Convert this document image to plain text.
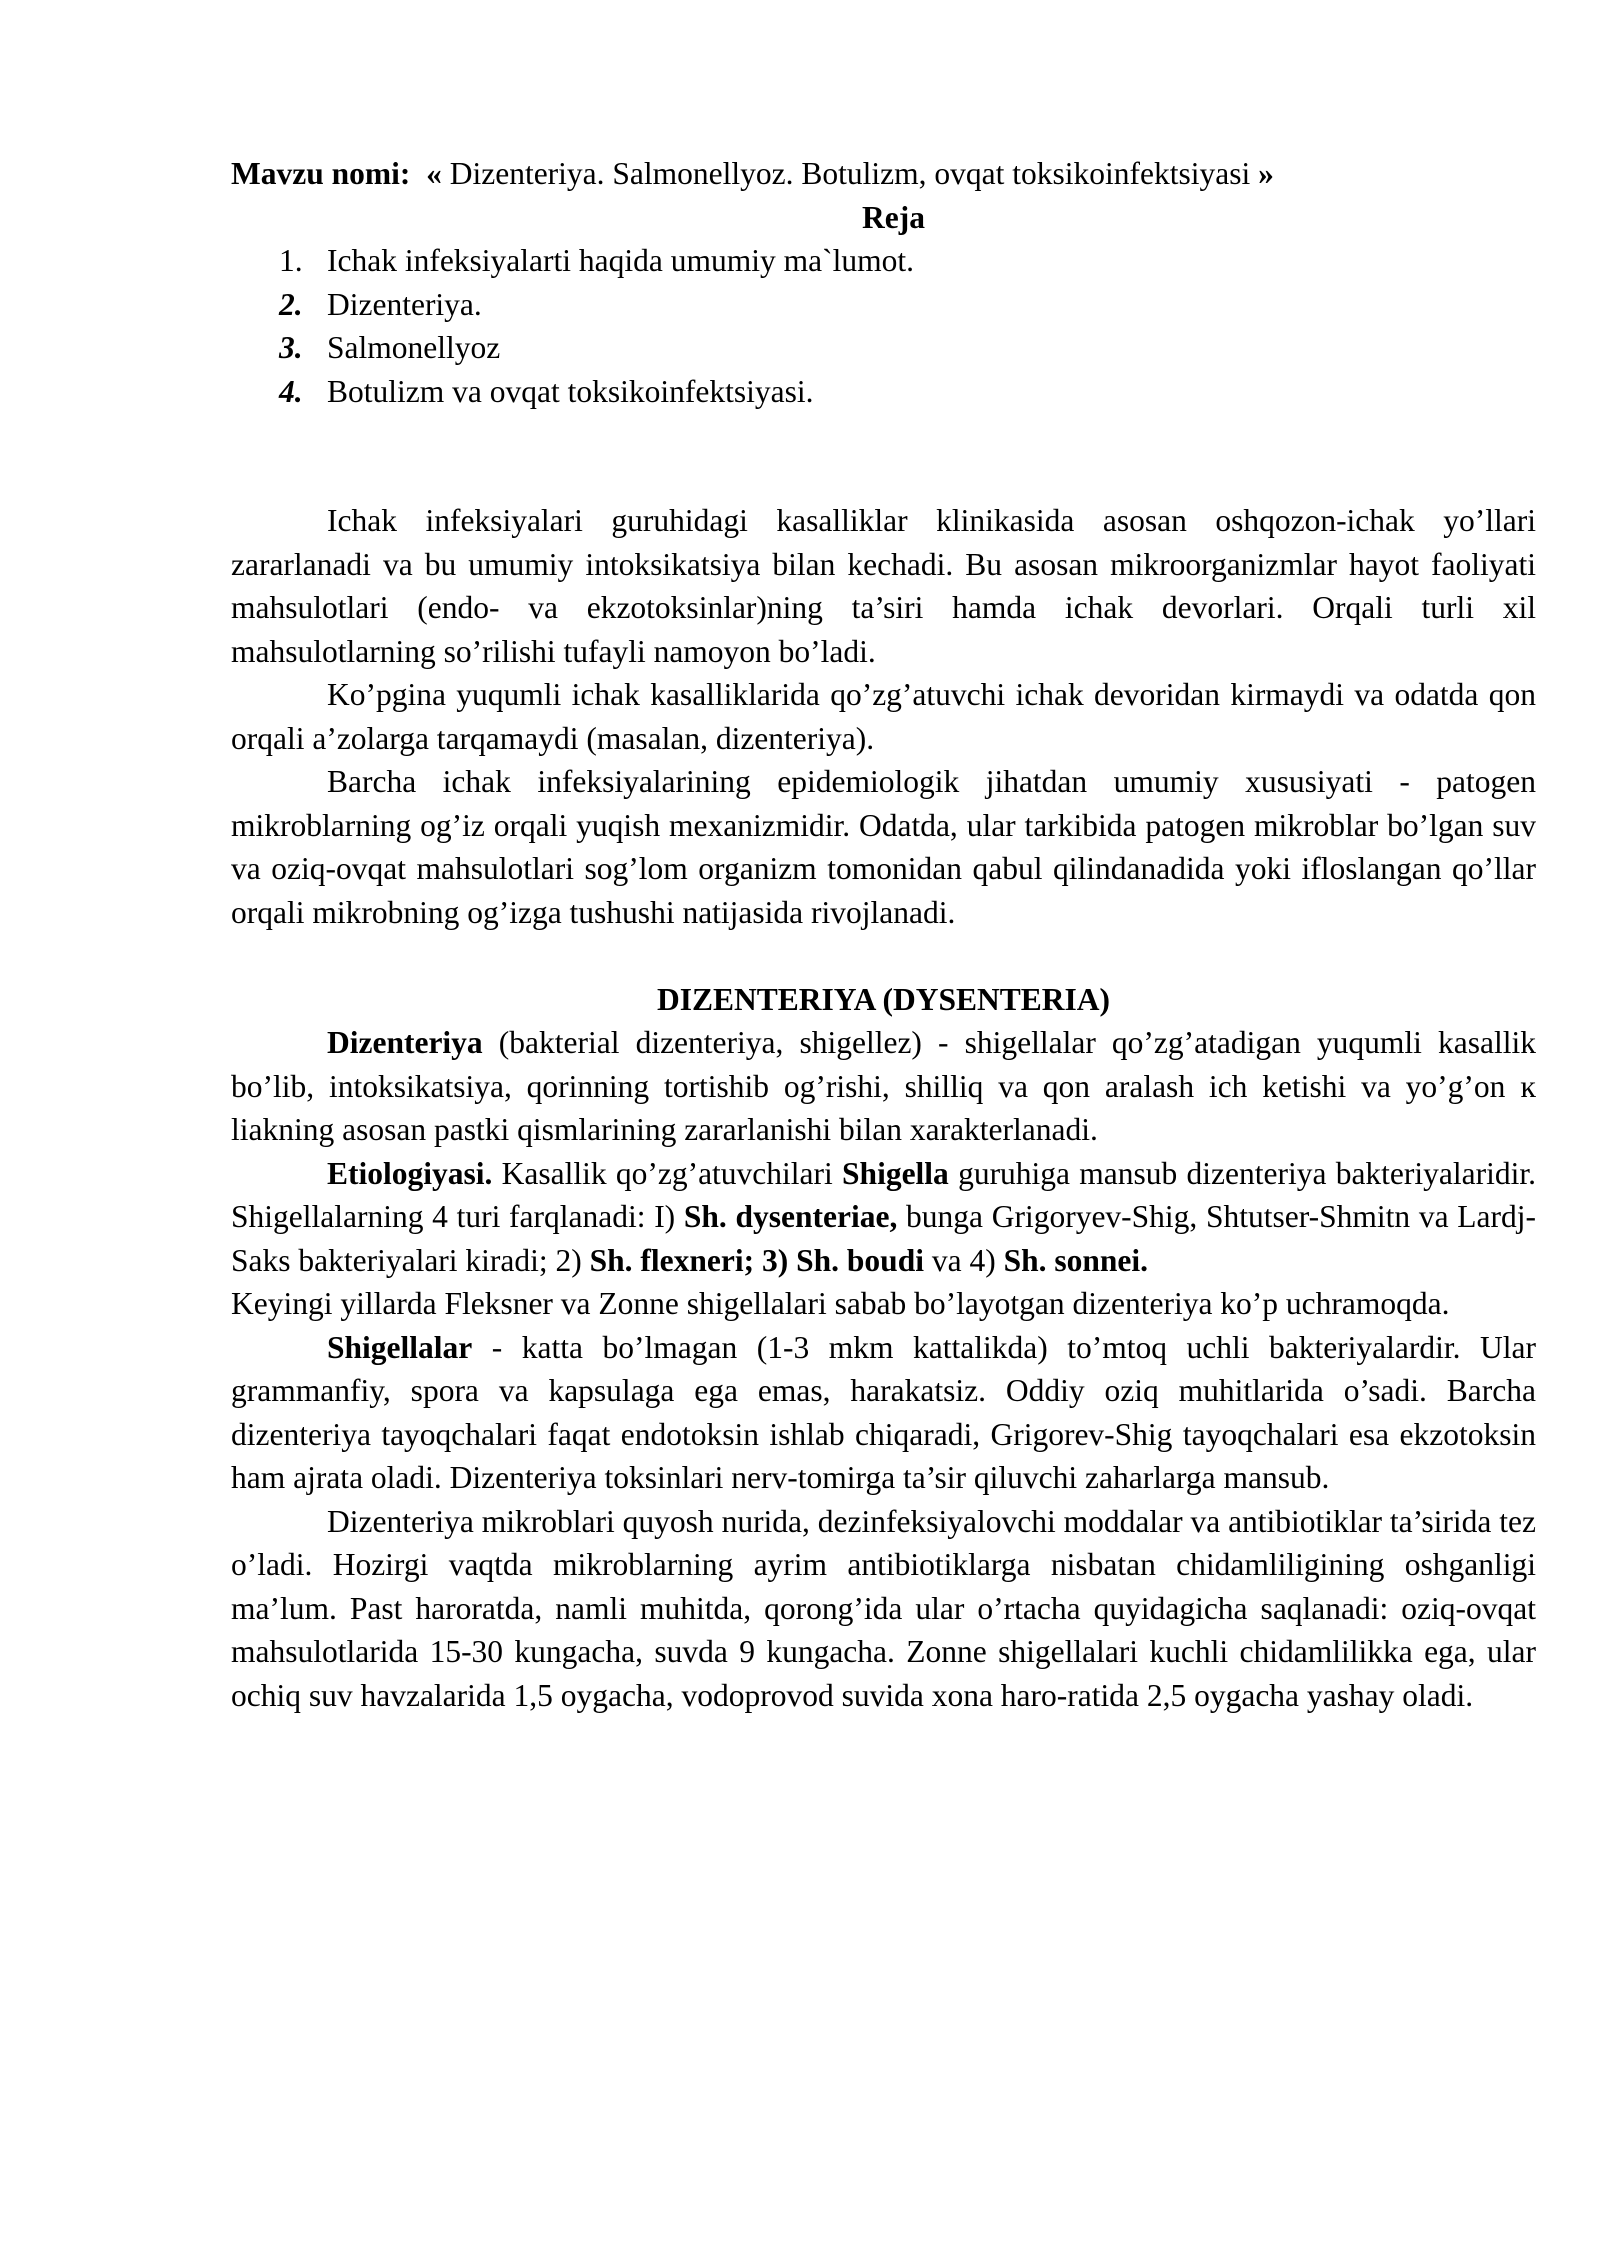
Mavzu nomi: « Dizenteriya. Salmonellyoz. Botulizm, ovqat toksikoinfektsiyasi »

Reja

1. Ichak infeksiyalarti haqida umumiy ma`lumot.
2. Dizenteriya.
3. Salmonellyoz
4. Botulizm va ovqat toksikoinfektsiyasi.

Ichak infeksiyalari guruhidagi kasalliklar klinikasida asosan oshqozon-ichak yo’llari zararlanadi va bu umumiy intoksikatsiya bilan kechadi. Bu asosan mikroorganizmlar hayot faoliyati mahsulotlari (endo- va ekzotoksinlar)ning ta’siri hamda ichak devorlari. Orqali turli xil mahsulotlarning so’rilishi tufayli namoyon bo’ladi.

Ko’pgina yuqumli ichak kasalliklarida qo’zg’atuvchi ichak devoridan kirmaydi va odatda qon orqali a’zolarga tarqamaydi (masalan, dizenteriya).

Barcha ichak infeksiyalarining epidemiologik jihatdan umumiy xususiyati - patogen mikroblarning og’iz orqali yuqish mexanizmidir. Odatda, ular tarkibida patogen mikroblar bo’lgan suv va oziq-ovqat mahsulotlari sog’lom organizm tomonidan qabul qilindanadida yoki ifloslangan qo’llar orqali mikrobning og’izga tushushi natijasida rivojlanadi.

DIZENTERIYA (DYSENTERIA)

Dizenteriya (bakterial dizenteriya, shigellez) - shigellalar qo’zg’atadigan yuqumli kasallik bo’lib, intoksikatsiya, qorinning tortishib og’rishi, shilliq va qon aralash ich ketishi va yo’g’on ĸ liakning asosan pastki qismlarining zararlanishi bilan xarakterlanadi.

Etiologiyasi. Kasallik qo’zg’atuvchilari Shigella guruhiga mansub dizenteriya bakteriyalaridir. Shigellalarning 4 turi farqlanadi: I) Sh. dysenteriae, bunga Grigoryev-Shig, Shtutser-Shmitn va Lardj-Saks bakteriyalari kiradi; 2) Sh. flexneri; 3) Sh. boudi va 4) Sh. sonnei.

Keyingi yillarda Fleksner va Zonne shigellalari sabab bo’layotgan dizenteriya ko’p uchramoqda.

Shigellalar - katta bo’lmagan (1-3 mkm kattalikda) to’mtoq uchli bakteriyalardir. Ular grammanfiy, spora va kapsulaga ega emas, harakatsiz. Oddiy oziq muhitlarida o’sadi. Barcha dizenteriya tayoqchalari faqat endotoksin ishlab chiqaradi, Grigorev-Shig tayoqchalari esa ekzotoksin ham ajrata oladi. Dizenteriya toksinlari nerv-tomirga ta’sir qiluvchi zaharlarga mansub.

Dizenteriya mikroblari quyosh nurida, dezinfeksiyalovchi moddalar va antibiotiklar ta’sirida tez o’ladi. Hozirgi vaqtda mikroblarning ayrim antibiotiklarga nisbatan chidamliligining oshganligi ma’lum. Past haroratda, namli muhitda, qorong’ida ular o’rtacha quyidagicha saqlanadi: oziq-ovqat mahsulotlarida 15-30 kungacha, suvda 9 kungacha. Zonne shigellalari kuchli chidamlilikka ega, ular ochiq suv havzalarida 1,5 oygacha, vodoprovod suvida xona haro-ratida 2,5 oygacha yashay oladi.
